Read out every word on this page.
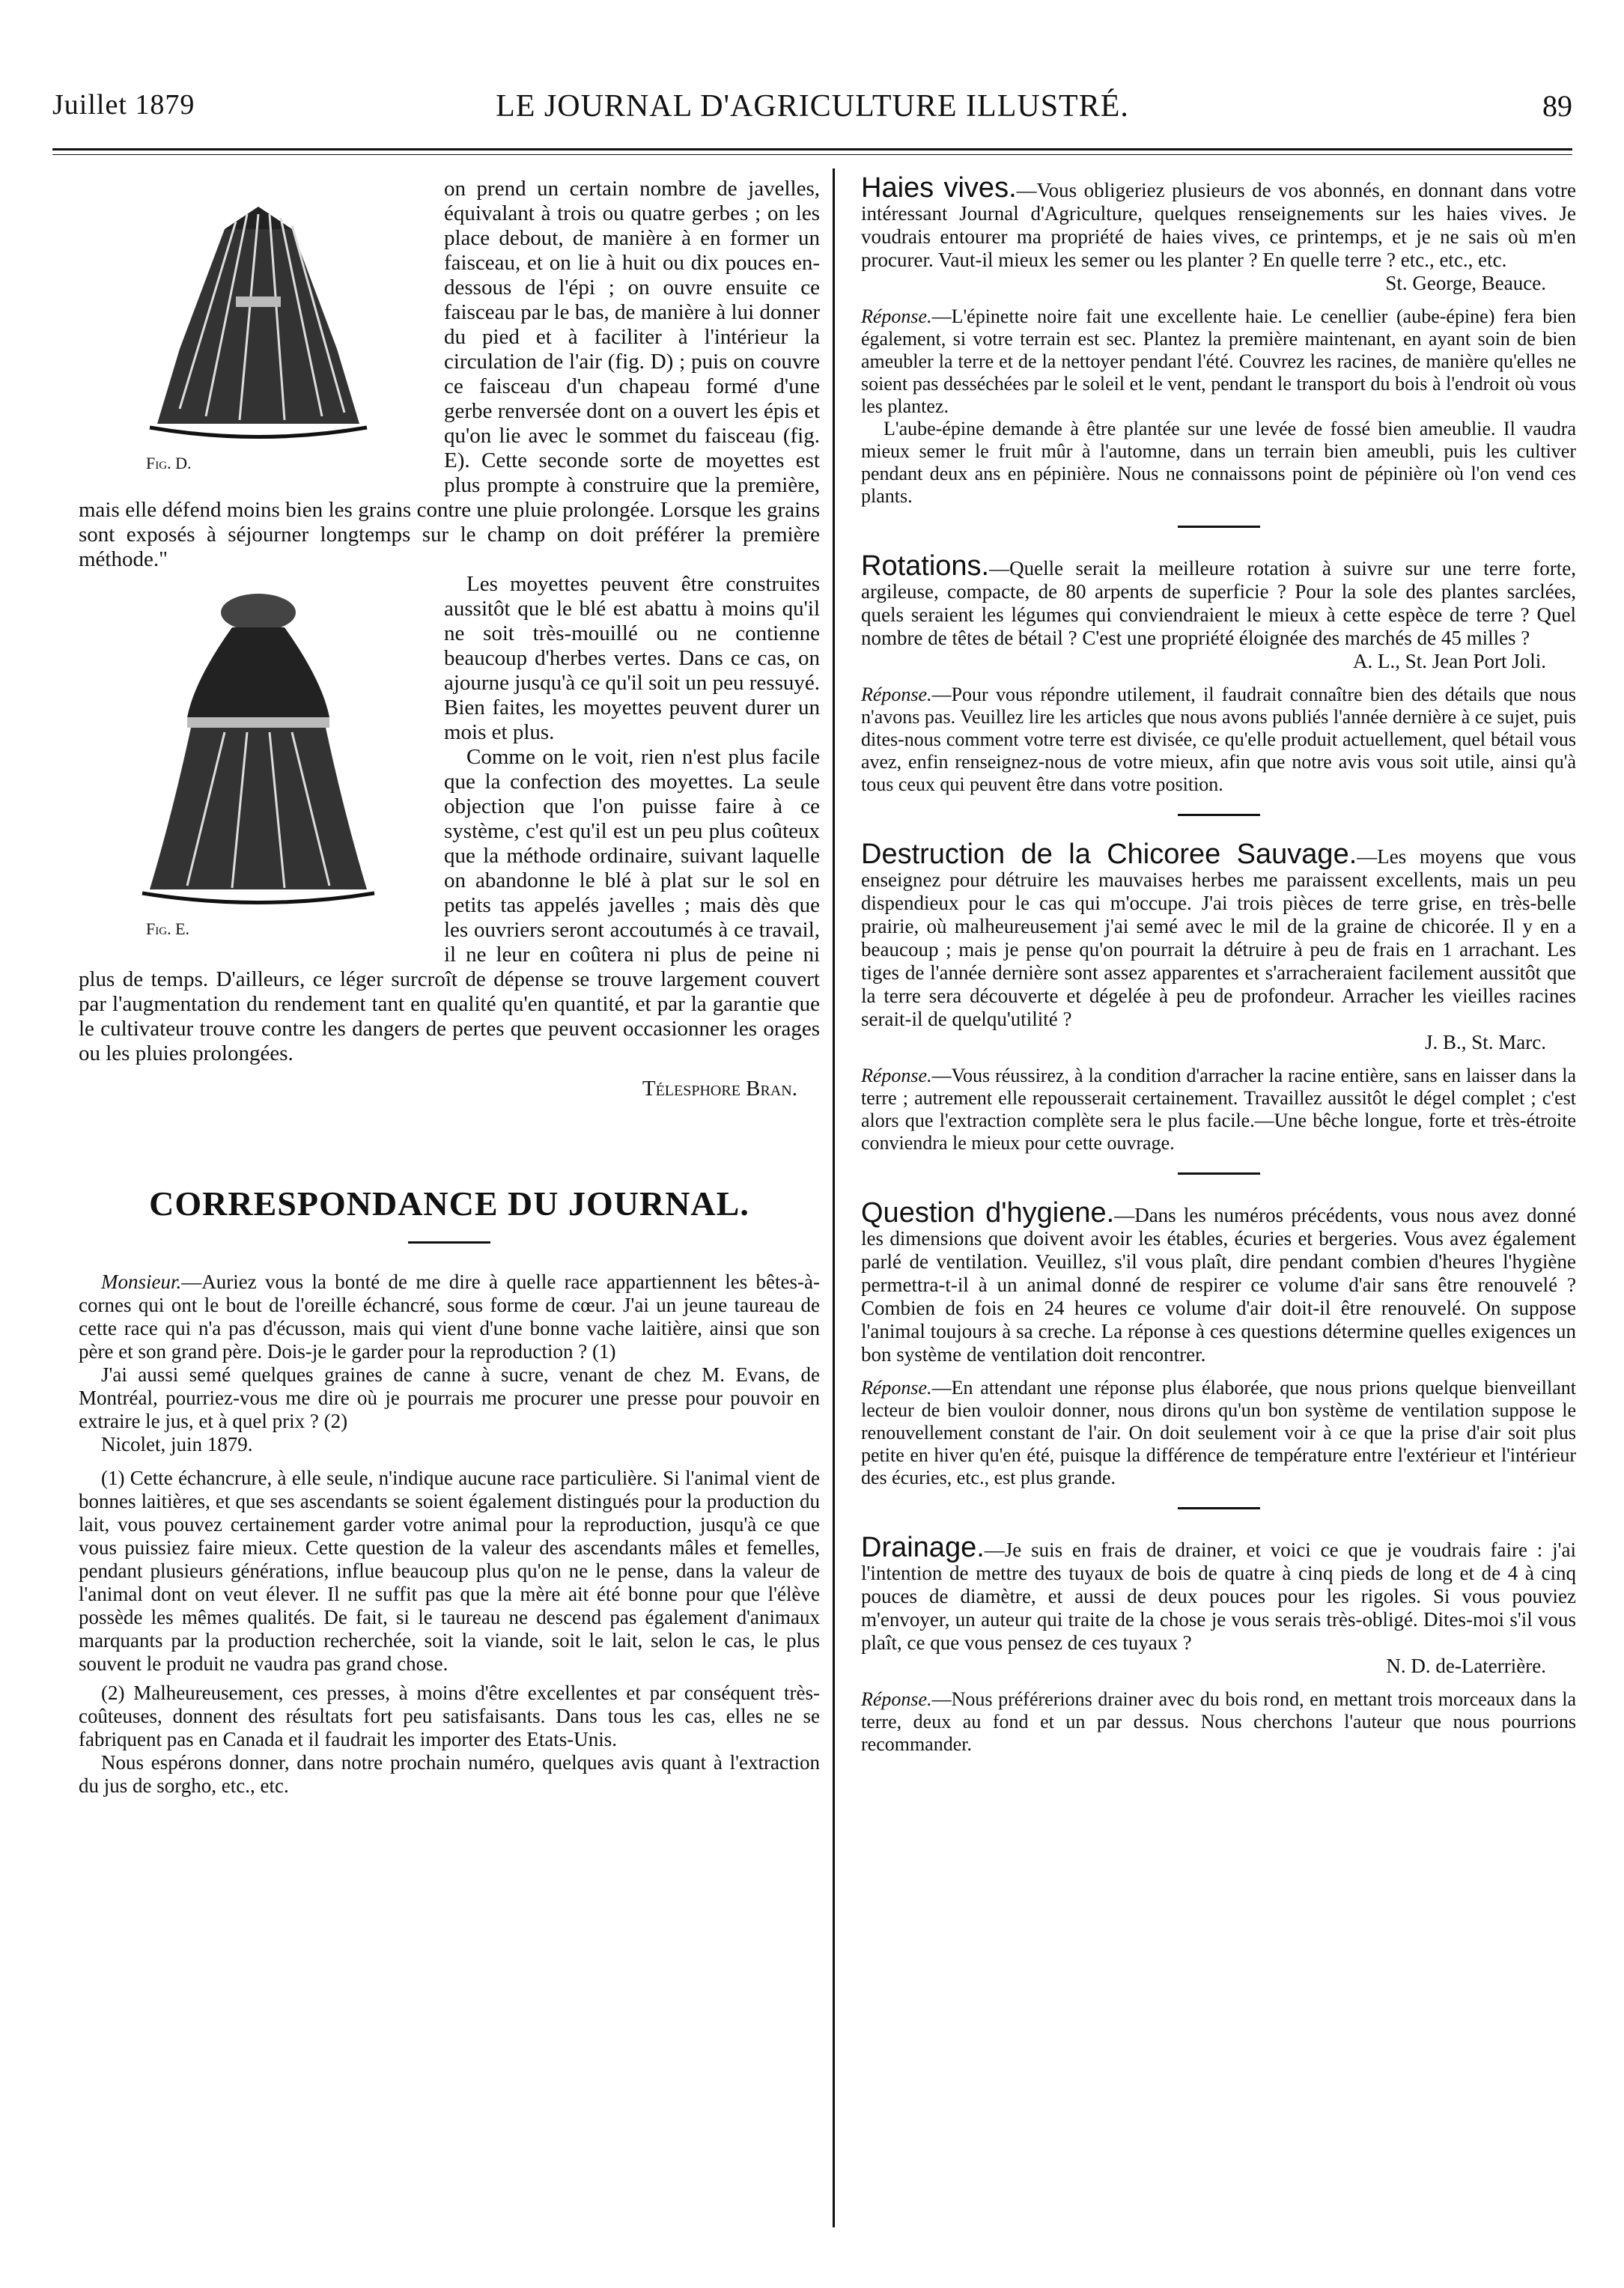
Juillet 1879	LE JOURNAL D'AGRICULTURE ILLUSTRÉ.	89
Fig. D.
on prend un certain nombre de javelles, équivalant à trois ou quatre gerbes ; on les place debout, de manière à en former un faisceau, et on lie à huit ou dix pouces en-dessous de l'épi ; on ouvre ensuite ce faisceau par le bas, de manière à lui donner du pied et à faciliter à l'intérieur la circulation de l'air (fig. D) ; puis on couvre ce faisceau d'un chapeau formé d'une gerbe renversée dont on a ouvert les épis et qu'on lie avec le sommet du faisceau (fig. E). Cette seconde sorte de moyettes est plus prompte à construire que la première, mais elle défend moins bien les grains contre une pluie prolongée. Lorsque les grains sont exposés à séjourner longtemps sur le champ on doit préférer la première méthode."
Fig. E.

Les moyettes peuvent être construites aussitôt que le blé est abattu à moins qu'il ne soit très-mouillé ou ne contienne beaucoup d'herbes vertes. Dans ce cas, on ajourne jusqu'à ce qu'il soit un peu ressuyé. Bien faites, les moyettes peuvent durer un mois et plus.

Comme on le voit, rien n'est plus facile que la confection des moyettes. La seule objection que l'on puisse faire à ce système, c'est qu'il est un peu plus coûteux que la méthode ordinaire, suivant laquelle on abandonne le blé à plat sur le sol en petits tas appelés javelles ; mais dès que les ouvriers seront accoutumés à ce travail, il ne leur en coûtera ni plus de peine ni plus de temps. D'ailleurs, ce léger surcroît de dépense se trouve largement couvert par l'augmentation du rendement tant en qualité qu'en quantité, et par la garantie que le cultivateur trouve contre les dangers de pertes que peuvent occasionner les orages ou les pluies prolongées.

Télesphore Bran.
CORRESPONDANCE DU JOURNAL.

Monsieur.—Auriez vous la bonté de me dire à quelle race appartiennent les bêtes-à-cornes qui ont le bout de l'oreille échancré, sous forme de cœur. J'ai un jeune taureau de cette race qui n'a pas d'écusson, mais qui vient d'une bonne vache laitière, ainsi que son père et son grand père. Dois-je le garder pour la reproduction ? (1)

J'ai aussi semé quelques graines de canne à sucre, venant de chez M. Evans, de Montréal, pourriez-vous me dire où je pourrais me procurer une presse pour pouvoir en extraire le jus, et à quel prix ? (2)

Nicolet, juin 1879.

(1) Cette échancrure, à elle seule, n'indique aucune race particulière. Si l'animal vient de bonnes laitières, et que ses ascendants se soient également distingués pour la production du lait, vous pouvez certainement garder votre animal pour la reproduction, jusqu'à ce que vous puissiez faire mieux. Cette question de la valeur des ascendants mâles et femelles, pendant plusieurs générations, influe beaucoup plus qu'on ne le pense, dans la valeur de l'animal dont on veut élever. Il ne suffit pas que la mère ait été bonne pour que l'élève possède les mêmes qualités. De fait, si le taureau ne descend pas également d'animaux marquants par la production recherchée, soit la viande, soit le lait, selon le cas, le plus souvent le produit ne vaudra pas grand chose.

(2) Malheureusement, ces presses, à moins d'être excellentes et par conséquent très-coûteuses, donnent des résultats fort peu satisfaisants. Dans tous les cas, elles ne se fabriquent pas en Canada et il faudrait les importer des Etats-Unis.

Nous espérons donner, dans notre prochain numéro, quelques avis quant à l'extraction du jus de sorgho, etc., etc.

Haies vives.—Vous obligeriez plusieurs de vos abonnés, en donnant dans votre intéressant Journal d'Agriculture, quelques renseignements sur les haies vives. Je voudrais entourer ma propriété de haies vives, ce printemps, et je ne sais où m'en procurer. Vaut-il mieux les semer ou les planter ? En quelle terre ? etc., etc., etc.

St. George, Beauce.

Réponse.—L'épinette noire fait une excellente haie. Le cenellier (aube-épine) fera bien également, si votre terrain est sec. Plantez la première maintenant, en ayant soin de bien ameubler la terre et de la nettoyer pendant l'été. Couvrez les racines, de manière qu'elles ne soient pas desséchées par le soleil et le vent, pendant le transport du bois à l'endroit où vous les plantez.

L'aube-épine demande à être plantée sur une levée de fossé bien ameublie. Il vaudra mieux semer le fruit mûr à l'automne, dans un terrain bien ameubli, puis les cultiver pendant deux ans en pépinière. Nous ne connaissons point de pépinière où l'on vend ces plants.

Rotations.—Quelle serait la meilleure rotation à suivre sur une terre forte, argileuse, compacte, de 80 arpents de superficie ? Pour la sole des plantes sarclées, quels seraient les légumes qui conviendraient le mieux à cette espèce de terre ? Quel nombre de têtes de bétail ? C'est une propriété éloignée des marchés de 45 milles ?

A. L., St. Jean Port Joli.

Réponse.—Pour vous répondre utilement, il faudrait connaître bien des détails que nous n'avons pas. Veuillez lire les articles que nous avons publiés l'année dernière à ce sujet, puis dites-nous comment votre terre est divisée, ce qu'elle produit actuellement, quel bétail vous avez, enfin renseignez-nous de votre mieux, afin que notre avis vous soit utile, ainsi qu'à tous ceux qui peuvent être dans votre position.

Destruction de la Chicoree Sauvage.—Les moyens que vous enseignez pour détruire les mauvaises herbes me paraissent excellents, mais un peu dispendieux pour le cas qui m'occupe. J'ai trois pièces de terre grise, en très-belle prairie, où malheureusement j'ai semé avec le mil de la graine de chicorée. Il y en a beaucoup ; mais je pense qu'on pourrait la détruire à peu de frais en 1 arrachant. Les tiges de l'année dernière sont assez apparentes et s'arracheraient facilement aussitôt que la terre sera découverte et dégelée à peu de profondeur. Arracher les vieilles racines serait-il de quelqu'utilité ?

J. B., St. Marc.

Réponse.—Vous réussirez, à la condition d'arracher la racine entière, sans en laisser dans la terre ; autrement elle repousserait certainement. Travaillez aussitôt le dégel complet ; c'est alors que l'extraction complète sera le plus facile.—Une bêche longue, forte et très-étroite conviendra le mieux pour cette ouvrage.

Question d'hygiene.—Dans les numéros précédents, vous nous avez donné les dimensions que doivent avoir les étables, écuries et bergeries. Vous avez également parlé de ventilation. Veuillez, s'il vous plaît, dire pendant combien d'heures l'hygiène permettra-t-il à un animal donné de respirer ce volume d'air sans être renouvelé ? Combien de fois en 24 heures ce volume d'air doit-il être renouvelé. On suppose l'animal toujours à sa creche. La réponse à ces questions détermine quelles exigences un bon système de ventilation doit rencontrer.

Réponse.—En attendant une réponse plus élaborée, que nous prions quelque bienveillant lecteur de bien vouloir donner, nous dirons qu'un bon système de ventilation suppose le renouvellement constant de l'air. On doit seulement voir à ce que la prise d'air soit plus petite en hiver qu'en été, puisque la différence de température entre l'extérieur et l'intérieur des écuries, etc., est plus grande.

Drainage.—Je suis en frais de drainer, et voici ce que je voudrais faire : j'ai l'intention de mettre des tuyaux de bois de quatre à cinq pieds de long et de 4 à cinq pouces de diamètre, et aussi de deux pouces pour les rigoles. Si vous pouviez m'envoyer, un auteur qui traite de la chose je vous serais très-obligé. Dites-moi s'il vous plaît, ce que vous pensez de ces tuyaux ?

N. D. de-Laterrière.

Réponse.—Nous préférerions drainer avec du bois rond, en mettant trois morceaux dans la terre, deux au fond et un par dessus. Nous cherchons l'auteur que nous pourrions recommander.
